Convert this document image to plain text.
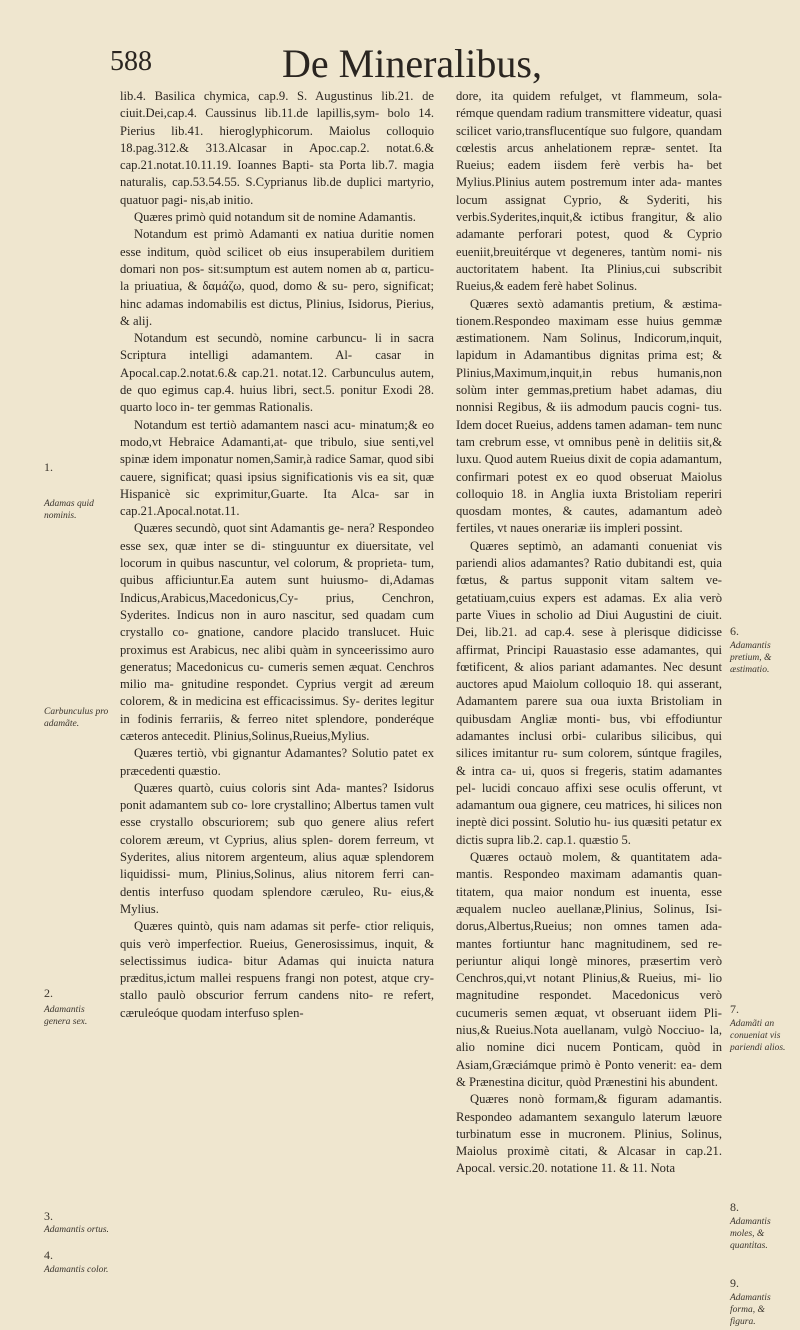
588	De Mineralibus,
1.
Adamas quid nominis.
Carbunculus pro adamãte.
2.
Adamantis genera sex.
3.
Adamantis ortus.
4.
Adamantis color.
6.
Adamantis pretium, & æstimatio.
7.
Adamãti an conueniat vis pariendi alios.
8.
Adamantis moles, & quantitas.
9.
Adamantis forma, & figura.

lib.4. Basilica chymica, cap.9. S. Augustinus lib.21. de ciuit.Dei,cap.4. Caussinus lib.11.de lapillis,sym- bolo 14. Pierius lib.41. hieroglyphicorum. Maiolus colloquio 18.pag.312.& 313.Alcasar in Apoc.cap.2. notat.6.& cap.21.notat.10.11.19. Ioannes Bapti- sta Porta lib.7. magia naturalis, cap.53.54.55. S.Cyprianus lib.de duplici martyrio, quatuor pagi- nis,ab initio.

Quæres primò quid notandum sit de nomine Adamantis.

Notandum est primò Adamanti ex natiua duritie nomen esse inditum, quòd scilicet ob eius insuperabilem duritiem domari non pos- sit:sumptum est autem nomen ab α, particu- la priuatiua, & δαμάζω, quod, domo & su- pero, significat; hinc adamas indomabilis est dictus, Plinius, Isidorus, Pierius, & alij.

Notandum est secundò, nomine carbuncu- li in sacra Scriptura intelligi adamantem. Al- casar in Apocal.cap.2.notat.6.& cap.21. notat.12. Carbunculus autem, de quo egimus cap.4. huius libri, sect.5. ponitur Exodi 28. quarto loco in- ter gemmas Rationalis.

Notandum est tertiò adamantem nasci acu- minatum;& eo modo,vt Hebraice Adamanti,at- que tribulo, siue senti,vel spinæ idem imponatur nomen,Samir,à radice Samar, quod sibi cauere, significat; quasi ipsius significationis vis ea sit, quæ Hispanicè sic exprimitur,Guarte. Ita Alca- sar in cap.21.Apocal.notat.11.

Quæres secundò, quot sint Adamantis ge- nera? Respondeo esse sex, quæ inter se di- stinguuntur ex diuersitate, vel locorum in quibus nascuntur, vel colorum, & proprieta- tum, quibus afficiuntur.Ea autem sunt huiusmo- di,Adamas Indicus,Arabicus,Macedonicus,Cy- prius, Cenchron, Syderites. Indicus non in auro nascitur, sed quadam cum crystallo co- gnatione, candore placido translucet. Huic proximus est Arabicus, nec alibi quàm in synceerissimo auro generatus; Macedonicus cu- cumeris semen æquat. Cenchros milio ma- gnitudine respondet. Cyprius vergit ad æreum colorem, & in medicina est efficacissimus. Sy- derites legitur in fodinis ferrariis, & ferreo nitet splendore, ponderéque cæteros antecedit. Plinius,Solinus,Rueius,Mylius.

Quæres tertiò, vbi gignantur Adamantes? Solutio patet ex præcedenti quæstio.

Quæres quartò, cuius coloris sint Ada- mantes? Isidorus ponit adamantem sub co- lore crystallino; Albertus tamen vult esse crystallo obscuriorem; sub quo genere alius refert colorem æreum, vt Cyprius, alius splen- dorem ferreum, vt Syderites, alius nitorem argenteum, alius aquæ splendorem liquidissi- mum, Plinius,Solinus, alius nitorem ferri can- dentis interfuso quodam splendore cæruleo, Ru- eius,& Mylius.

Quæres quintò, quis nam adamas sit perfe- ctior reliquis, quis verò imperfectior. Rueius, Generosissimus, inquit, & selectissimus iudica- bitur Adamas qui inuicta natura præditus,ictum mallei respuens frangi non potest, atque cry- stallo paulò obscurior ferrum candens nito- re refert, cæruleóque quodam interfuso splen-

dore, ita quidem refulget, vt flammeum, sola- rémque quendam radium transmittere videatur, quasi scilicet vario,transflucentíque suo fulgore, quandam cœlestis arcus anhelationem repræ- sentet. Ita Rueius; eadem iisdem ferè verbis ha- bet Mylius.Plinius autem postremum inter ada- mantes locum assignat Cyprio, & Syderiti, his verbis.Syderites,inquit,& ictibus frangitur, & alio adamante perforari potest, quod & Cyprio eueniit,breuitérque vt degeneres, tantùm nomi- nis auctoritatem habent. Ita Plinius,cui subscribit Rueius,& eadem ferè habet Solinus.

Quæres sextò adamantis pretium, & æstima- tionem.Respondeo maximam esse huius gemmæ æstimationem. Nam Solinus, Indicorum,inquit, lapidum in Adamantibus dignitas prima est; & Plinius,Maximum,inquit,in rebus humanis,non solùm inter gemmas,pretium habet adamas, diu nonnisi Regibus, & iis admodum paucis cogni- tus. Idem docet Rueius, addens tamen adaman- tem nunc tam crebrum esse, vt omnibus penè in delitiis sit,& luxu. Quod autem Rueius dixit de copia adamantum, confirmari potest ex eo quod obseruat Maiolus colloquio 18. in Anglia iuxta Bristoliam reperiri quosdam montes, & cautes, adamantum adeò fertiles, vt naues onerariæ iis impleri possint.

Quæres septimò, an adamanti conueniat vis pariendi alios adamantes? Ratio dubitandi est, quia fœtus, & partus supponit vitam saltem ve- getatiuam,cuius expers est adamas. Ex alia verò parte Viues in scholio ad Diui Augustini de ciuit. Dei, lib.21. ad cap.4. sese à plerisque didicisse affirmat, Principi Rauastasio esse adamantes, qui fœtificent, & alios pariant adamantes. Nec desunt auctores apud Maiolum colloquio 18. qui asserant, Adamantem parere sua oua iuxta Bristoliam in quibusdam Angliæ monti- bus, vbi effodiuntur adamantes inclusi orbi- cularibus silicibus, qui silices imitantur ru- sum colorem, súntque fragiles, & intra ca- ui, quos si fregeris, statim adamantes pel- lucidi concauo affixi sese oculis offerunt, vt adamantum oua gignere, ceu matrices, hi silices non ineptè dici possint. Solutio hu- ius quæsiti petatur ex dictis supra lib.2. cap.1. quæstio 5.

Quæres octauò molem, & quantitatem ada- mantis. Respondeo maximam adamantis quan- titatem, qua maior nondum est inuenta, esse æqualem nucleo auellanæ,Plinius, Solinus, Isi- dorus,Albertus,Rueius; non omnes tamen ada- mantes fortiuntur hanc magnitudinem, sed re- periuntur aliqui longè minores, præsertim verò Cenchros,qui,vt notant Plinius,& Rueius, mi- lio magnitudine respondet. Macedonicus verò cucumeris semen æquat, vt obseruant iidem Pli- nius,& Rueius.Nota auellanam, vulgò Nocciuo- la, alio nomine dici nucem Ponticam, quòd in Asiam,Græciámque primò è Ponto venerit: ea- dem & Prænestina dicitur, quòd Prænestini his abundent.

Quæres nonò formam,& figuram adamantis. Respondeo adamantem sexangulo laterum læuore turbinatum esse in mucronem. Plinius, Solinus, Maiolus proximè citati, & Alcasar in cap.21. Apocal. versic.20. notatione 11. & 11. Nota
